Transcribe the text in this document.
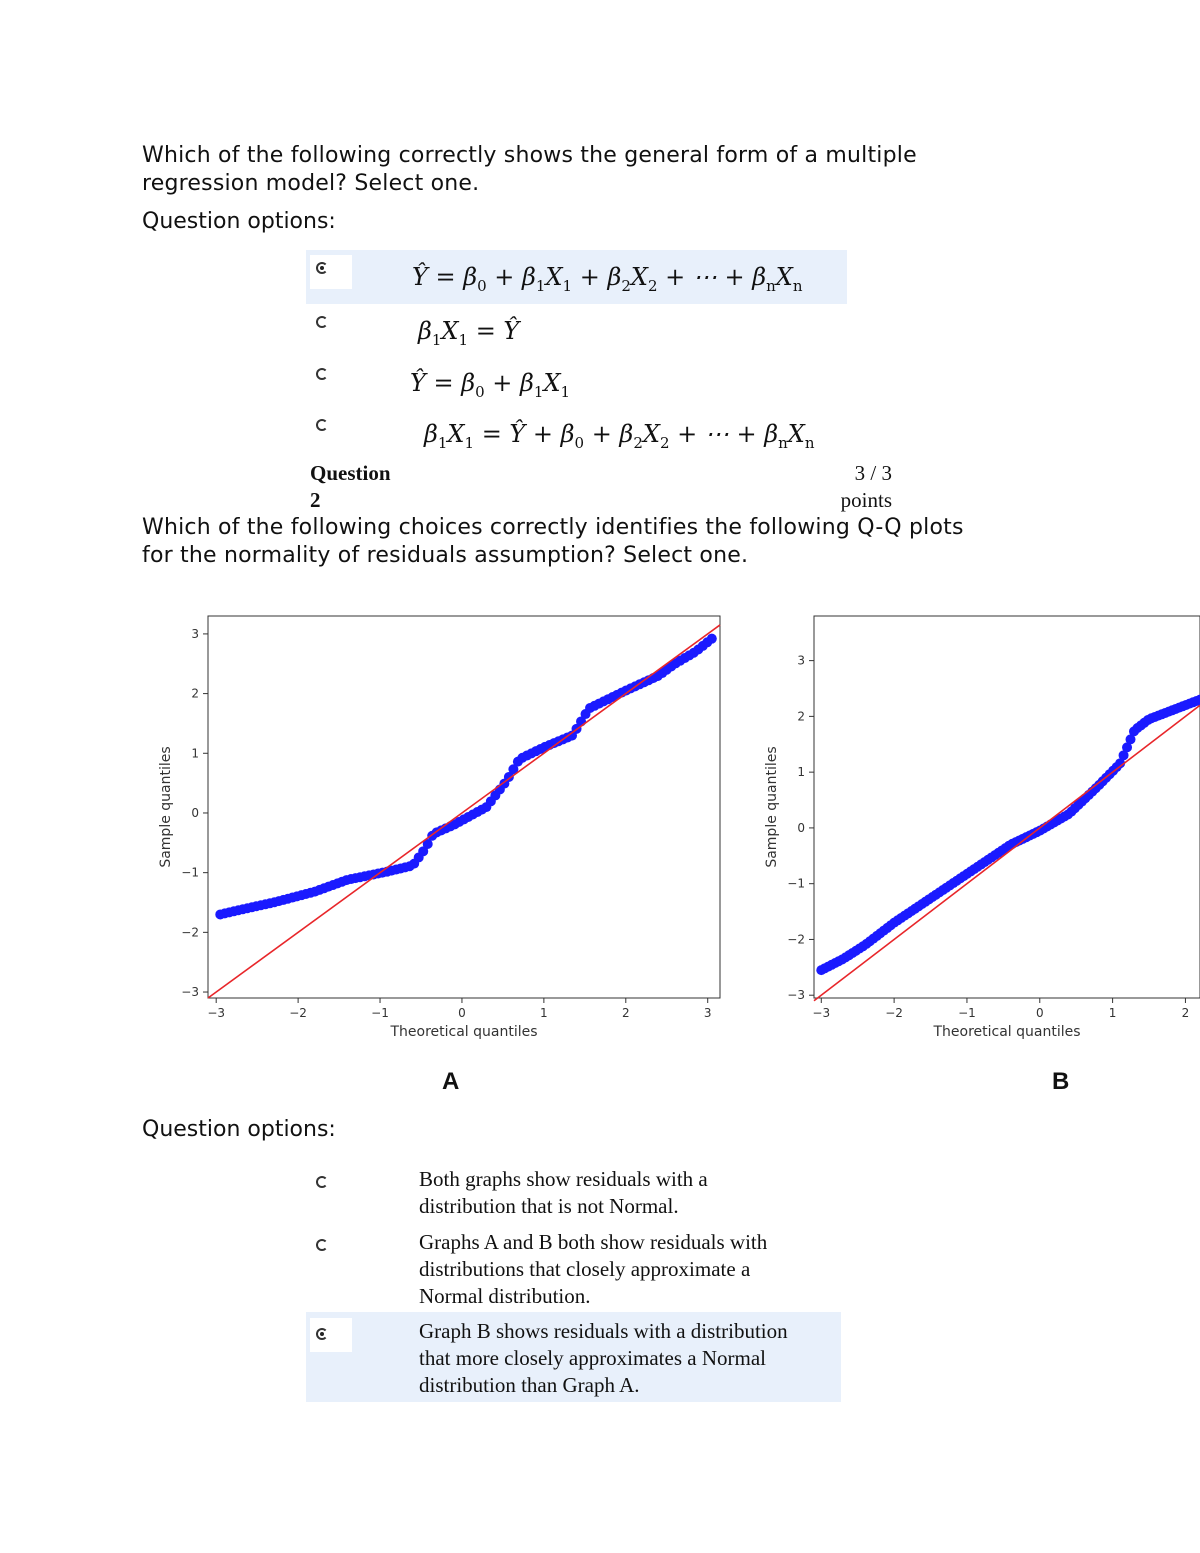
Which of the following correctly shows the general form of a multiple
regression model? Select one.
Question options:
Ŷ = $\beta_0 + \beta_1X_1 + \beta_2X_2$ + ⋯ + $\beta_nX_n$
$\beta_1X_1$ = Ŷ
Ŷ = $\beta_0 + \beta_1X_1$
$\beta_1X_1$ = Ŷ + $\beta_0 + \beta_2X_2$ + ⋯ + $\beta_nX_n$
Question
2
3 / 3
points
Which of the following choices correctly identifies the following Q-Q plots
for the normality of residuals assumption? Select one.
−3	−2	−1	0	1	2	3
−3
−2
−1
0
1
2
3
Theoretical quantiles
Sample quantiles
−3	−2	−1	0	1	2
−3
−2
−1
0
1
2
3
Theoretical quantiles
Sample quantiles
A	B
Question options:
Both graphs show residuals with a
distribution that is not Normal.
Graphs A and B both show residuals with
distributions that closely approximate a
Normal distribution.
Graph B shows residuals with a distribution
that more closely approximates a Normal
distribution than Graph A.
